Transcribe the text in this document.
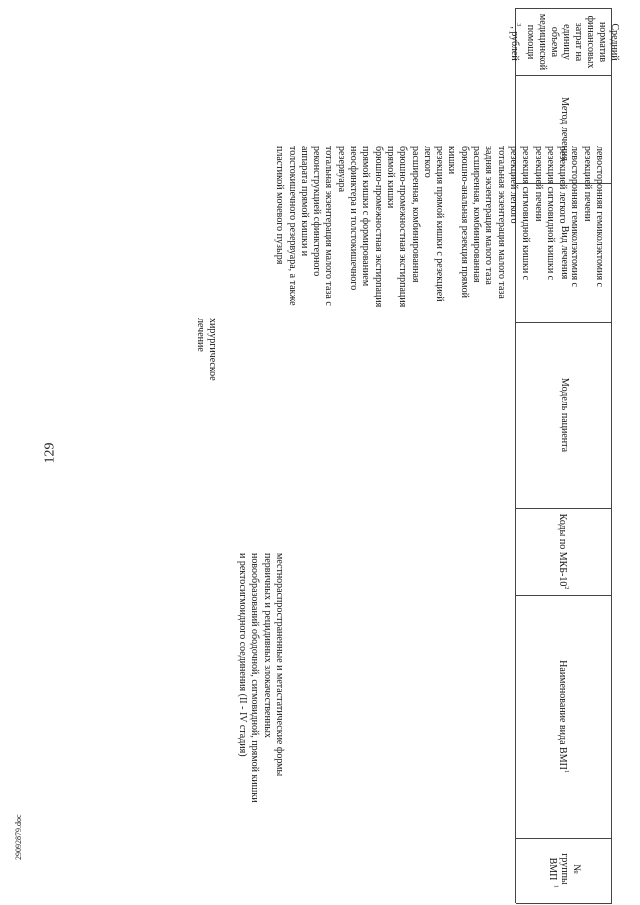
129
29092879.doc
№
группы
ВМП$^1$
Наименование вида ВМП$^1$
Коды по МКБ-$10^2$
Модель пациента
Вид лечения
Метод лечения
Средний норматив финансовых затрат на единицу объема медицинской помощи$^3$, рублей
местнораспространенные и метастатические формы первичных и рецидивных злокачественных новообразований ободочной, сигмовидной, прямой кишки и ректосигмоидного соединения (II - IV стадия)
хирургическое лечение
левосторонняя гемиколэктомия с резекцией печени
левосторонняя гемиколэктомия с резекцией легкого
резекция сигмовидной кишки с резекцией печени
резекция сигмовидной кишки с резекцией легкого
тотальная экзентерация малого таза
задняя экзентерация малого таза
расширенная, комбинированная брюшно-анальная резекция прямой кишки
резекция прямой кишки с резекцией легкого
расширенная, комбинированная брюшно-промежностная экстирпация прямой кишки
брюшно-промежностная экстирпация прямой кишки с формированием неосфинктера и толстокишечного резервуара
тотальная экзентерация малого таза с реконструкцией сфинктерного аппарата прямой кишки и толстокишечного резервуара, а также пластикой мочевого пузыря
